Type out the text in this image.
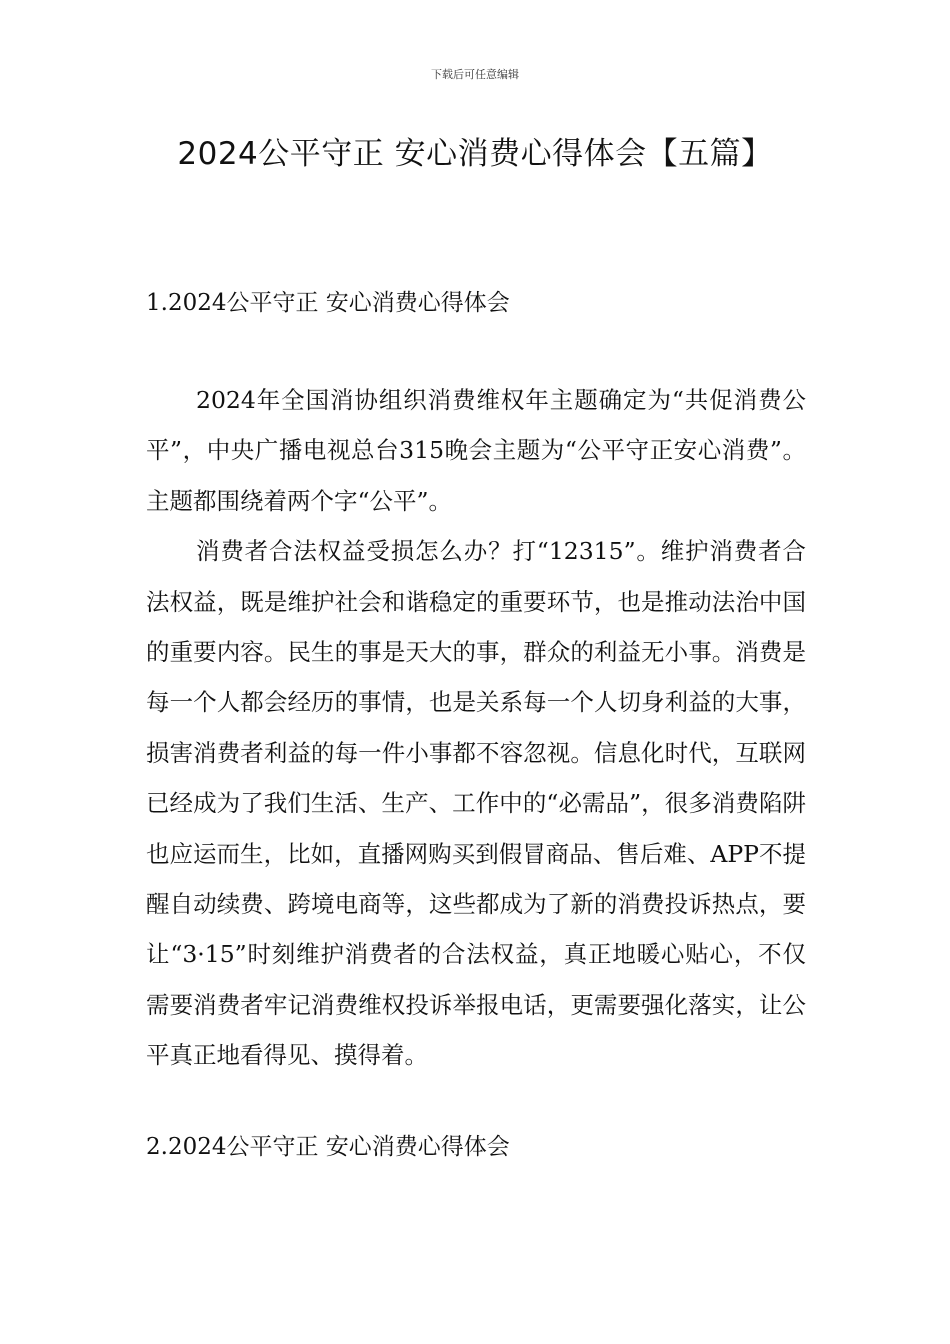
下载后可任意编辑
2024公平守正 安心消费心得体会【五篇】
1.2024公平守正 安心消费心得体会

2024年全国消协组织消费维权年主题确定为“共促消费公平”，中央广播电视总台315晚会主题为“公平守正安心消费”。主题都围绕着两个字“公平”。

消费者合法权益受损怎么办？打“12315”。维护消费者合法权益，既是维护社会和谐稳定的重要环节，也是推动法治中国的重要内容。民生的事是天大的事，群众的利益无小事。消费是每一个人都会经历的事情，也是关系每一个人切身利益的大事，损害消费者利益的每一件小事都不容忽视。信息化时代，互联网已经成为了我们生活、生产、工作中的“必需品”，很多消费陷阱也应运而生，比如，直播网购买到假冒商品、售后难、APP不提醒自动续费、跨境电商等，这些都成为了新的消费投诉热点，要让“3·15”时刻维护消费者的合法权益，真正地暖心贴心，不仅需要消费者牢记消费维权投诉举报电话，更需要强化落实，让公平真正地看得见、摸得着。

2.2024公平守正 安心消费心得体会
